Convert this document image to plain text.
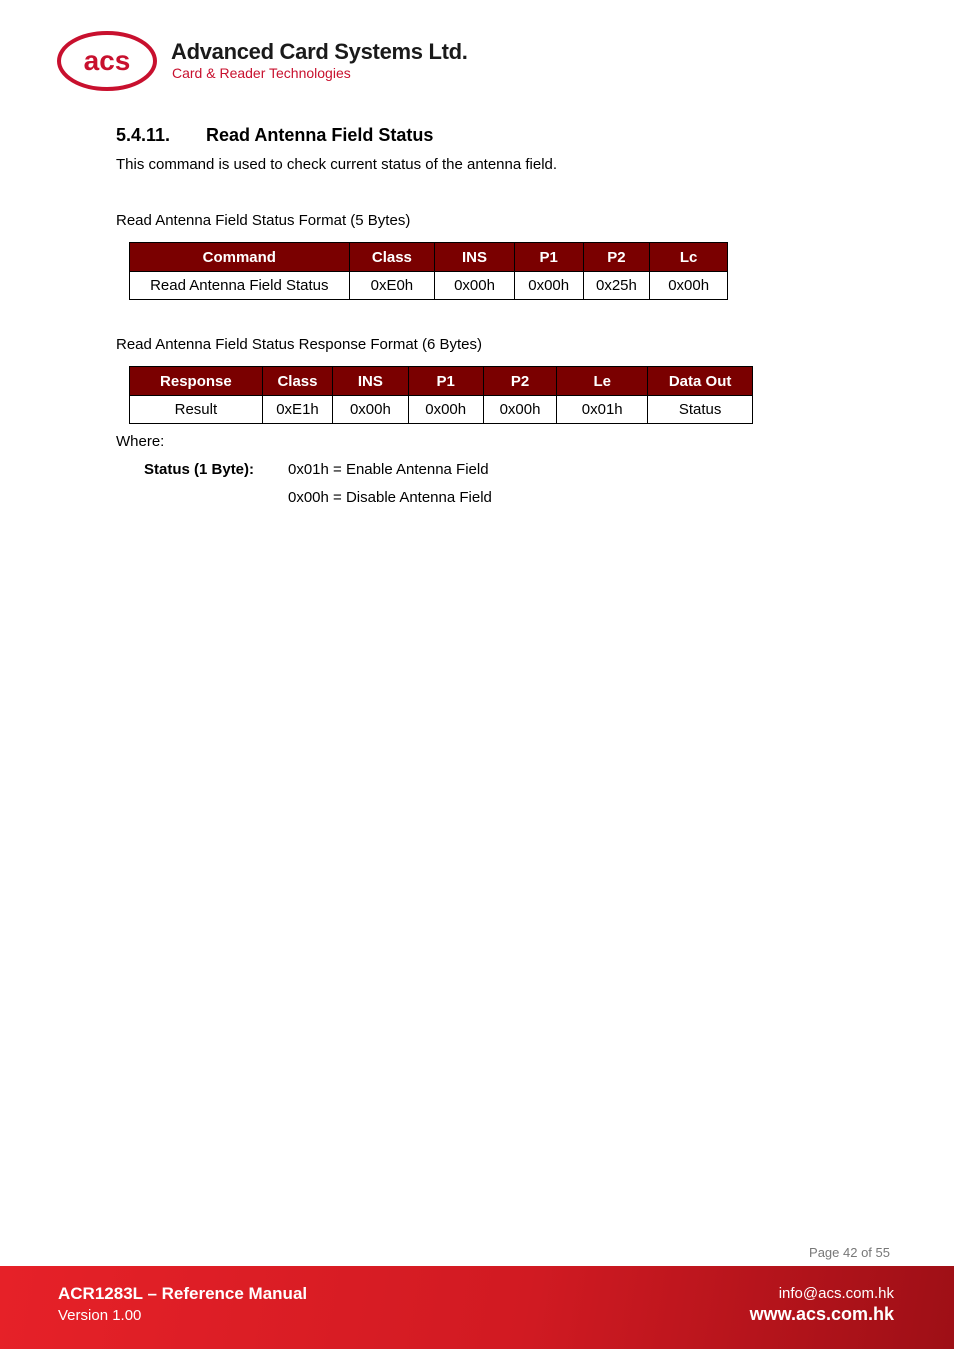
acs Advanced Card Systems Ltd.
Card & Reader Technologies
5.4.11. Read Antenna Field Status
This command is used to check current status of the antenna field.
Read Antenna Field Status Format (5 Bytes)
Command	Class	INS	P1	P2	Lc
Read Antenna Field Status	0xE0h	0x00h	0x00h	0x25h	0x00h
Read Antenna Field Status Response Format (6 Bytes)
Response	Class	INS	P1	P2	Le	Data Out
Result	0xE1h	0x00h	0x00h	0x00h	0x01h	Status
Where:
Status (1 Byte): 0x01h = Enable Antenna Field
0x00h = Disable Antenna Field
Page 42 of 55
ACR1283L – Reference Manual
Version 1.00
info@acs.com.hk
www.acs.com.hk
